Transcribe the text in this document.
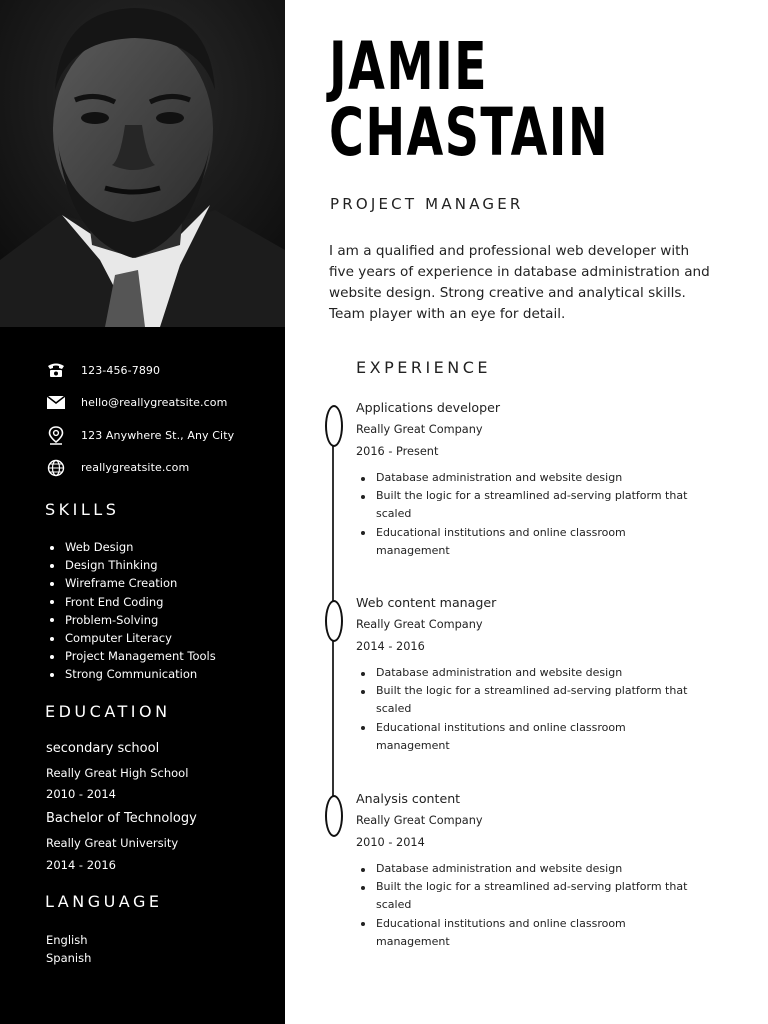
123-456-7890
hello@reallygreatsite.com
123 Anywhere St., Any City
reallygreatsite.com
SKILLS
Web Design
Design Thinking
Wireframe Creation
Front End Coding
Problem-Solving
Computer Literacy
Project Management Tools
Strong Communication
EDUCATION
secondary school
Really Great High School
2010 - 2014
Bachelor of Technology
Really Great University
2014 - 2016
LANGUAGE
English
Spanish
JAMIE
CHASTAIN
PROJECT MANAGER
I am a qualified and professional web developer with five years of experience in database administration and website design. Strong creative and analytical skills. Team player with an eye for detail.
EXPERIENCE
Applications developer
Really Great Company
2016 - Present
Database administration and website design
Built the logic for a streamlined ad-serving platform that scaled
Educational institutions and online classroom management
Web content manager
Really Great Company
2014 - 2016
Database administration and website design
Built the logic for a streamlined ad-serving platform that scaled
Educational institutions and online classroom management
Analysis content
Really Great Company
2010 - 2014
Database administration and website design
Built the logic for a streamlined ad-serving platform that scaled
Educational institutions and online classroom management
